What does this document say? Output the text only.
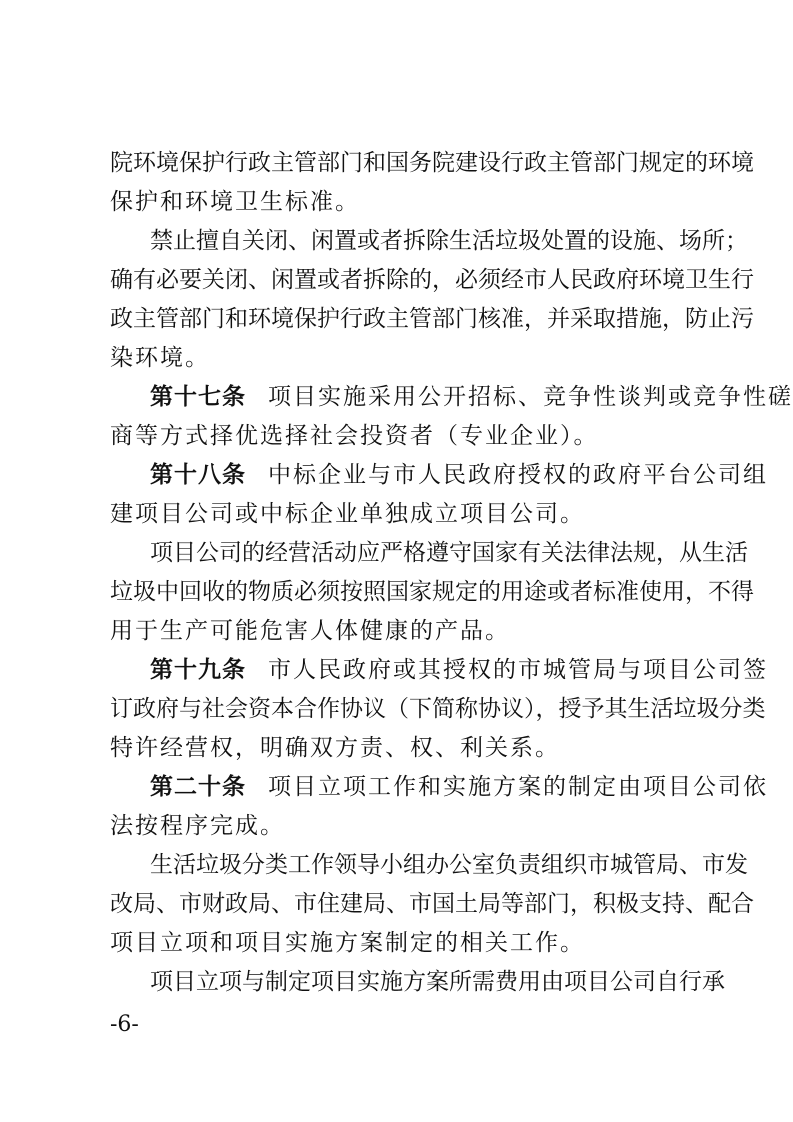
院环境保护行政主管部门和国务院建设行政主管部门规定的环境
保护和环境卫生标准。
禁止擅自关闭、闲置或者拆除生活垃圾处置的设施、场所；
确有必要关闭、闲置或者拆除的，必须经市人民政府环境卫生行
政主管部门和环境保护行政主管部门核准，并采取措施，防止污
染环境。
第十七条 项目实施采用公开招标、竞争性谈判或竞争性磋
商等方式择优选择社会投资者（专业企业）。
第十八条 中标企业与市人民政府授权的政府平台公司组
建项目公司或中标企业单独成立项目公司。
项目公司的经营活动应严格遵守国家有关法律法规，从生活
垃圾中回收的物质必须按照国家规定的用途或者标准使用，不得
用于生产可能危害人体健康的产品。
第十九条 市人民政府或其授权的市城管局与项目公司签
订政府与社会资本合作协议（下简称协议），授予其生活垃圾分类
特许经营权，明确双方责、权、利关系。
第二十条 项目立项工作和实施方案的制定由项目公司依
法按程序完成。
生活垃圾分类工作领导小组办公室负责组织市城管局、市发
改局、市财政局、市住建局、市国土局等部门，积极支持、配合
项目立项和项目实施方案制定的相关工作。
项目立项与制定项目实施方案所需费用由项目公司自行承
-6-
